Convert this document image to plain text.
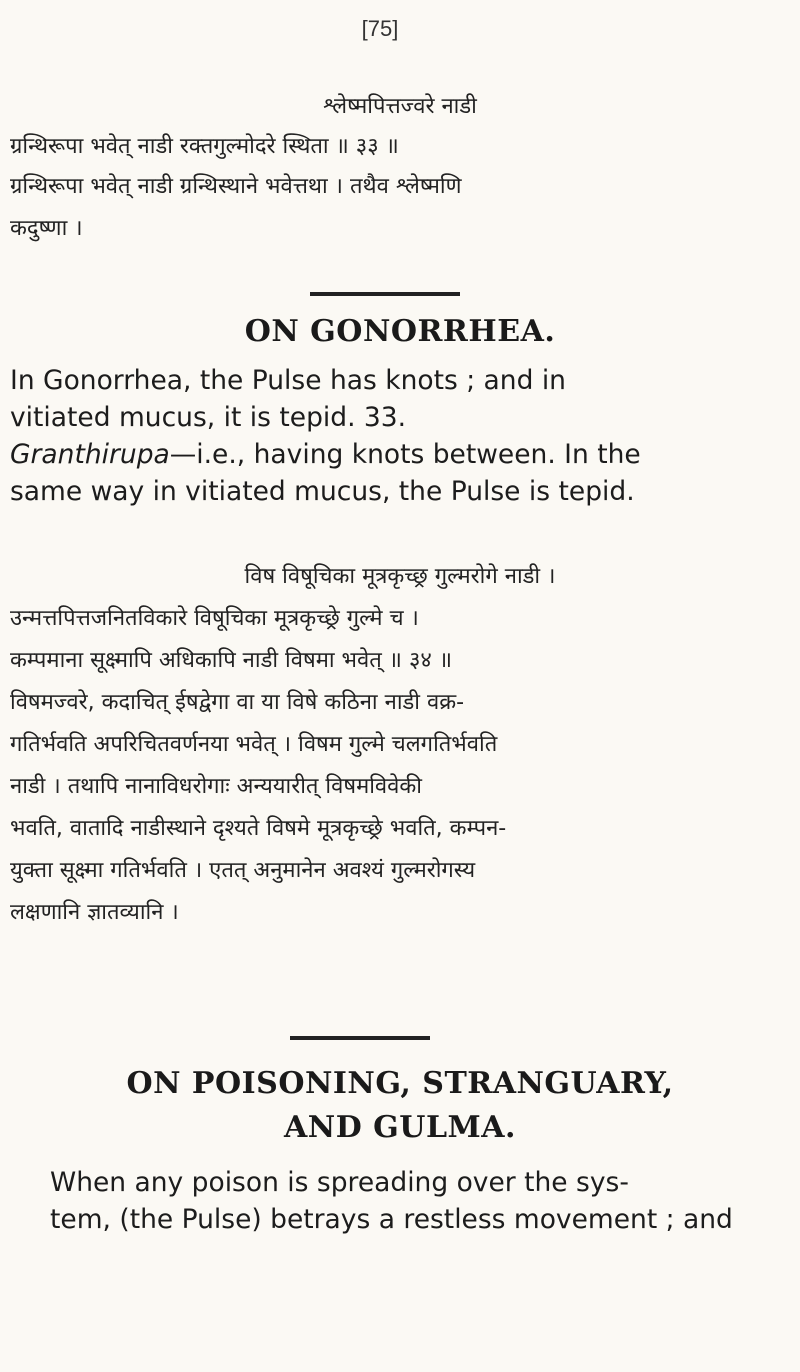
[75]
श्लेष्मपित्तज्वरे नाडी
ग्रन्थिरूपा भवेत् नाडी रक्तगुल्मोदरे स्थिता ॥ ३३ ॥
ग्रन्थिरूपा भवेत् नाडी ग्रन्थिस्थाने भवेत्तथा । तथैव श्लेष्मणि
कदुष्णा ।
ON GONORRHEA.
In Gonorrhea, the Pulse has knots ; and in
vitiated mucus, it is tepid. 33.
Granthirupa—i.e., having knots between. In the
same way in vitiated mucus, the Pulse is tepid.
विष विषूचिका मूत्रकृच्छ्र गुल्मरोगे नाडी ।
उन्मत्तपित्तजनितविकारे विषूचिका मूत्रकृच्छ्रे गुल्मे च ।
कम्पमाना सूक्ष्मापि अधिकापि नाडी विषमा भवेत् ॥ ३४ ॥
विषमज्वरे, कदाचित् ईषद्वेगा वा या विषे कठिना नाडी वक्र-
गतिर्भवति अपरिचितवर्णनया भवेत् । विषम गुल्मे चलगतिर्भवति
नाडी । तथापि नानाविधरोगाः अन्ययारीत् विषमविवेकी
भवति, वातादि नाडीस्थाने दृश्यते विषमे मूत्रकृच्छ्रे भवति, कम्पन-
युक्ता सूक्ष्मा गतिर्भवति । एतत् अनुमानेन अवश्यं गुल्मरोगस्य
लक्षणानि ज्ञातव्यानि ।
ON POISONING, STRANGUARY,
AND GULMA.
When any poison is spreading over the sys-
tem, (the Pulse) betrays a restless movement ; and
